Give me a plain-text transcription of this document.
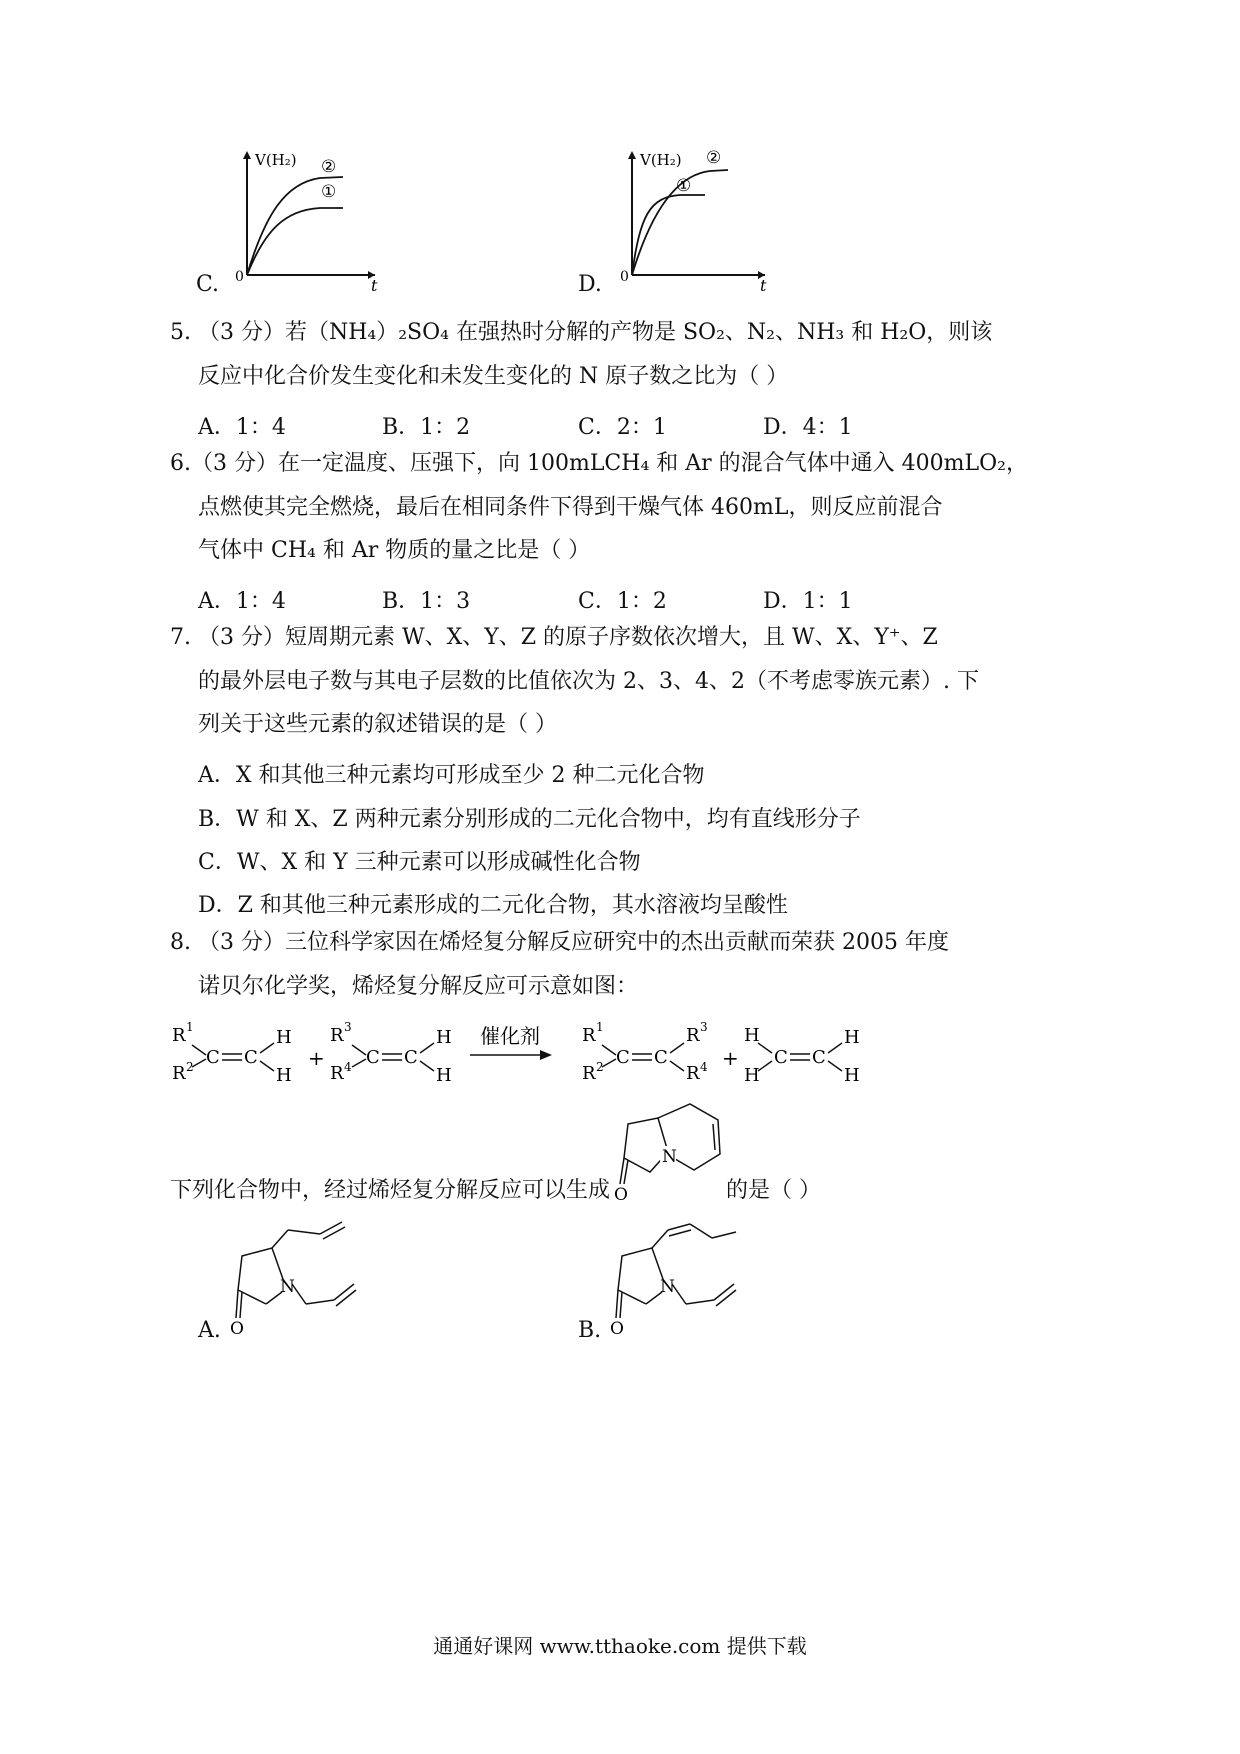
C.
V(H₂) ②
①
0	t	D.
V(H₂) ②
①
0	t
5. （3 分）若（NH₄）₂SO₄ 在强热时分解的产物是 SO₂、N₂、NH₃ 和 H₂O，则该
反应中化合价发生变化和未发生变化的 N 原子数之比为（ ）
A．1：4	B．1：2	C．2：1	D．4：1
6.（3 分）在一定温度、压强下，向 100mLCH₄ 和 Ar 的混合气体中通入 400mLO₂，
点燃使其完全燃烧，最后在相同条件下得到干燥气体 460mL，则反应前混合
气体中 CH₄ 和 Ar 物质的量之比是（ ）
A．1：4	B．1：3	C．1：2	D．1：1
7. （3 分）短周期元素 W、X、Y、Z 的原子序数依次增大，且 W、X、Y⁺、Z
的最外层电子数与其电子层数的比值依次为 2、3、4、2（不考虑零族元素）. 下
列关于这些元素的叙述错误的是（ ）
A．X 和其他三种元素均可形成至少 2 种二元化合物
B．W 和 X、Z 两种元素分别形成的二元化合物中，均有直线形分子
C．W、X 和 Y 三种元素可以形成碱性化合物
D．Z 和其他三种元素形成的二元化合物，其水溶液均呈酸性
8. （3 分）三位科学家因在烯烃复分解反应研究中的杰出贡献而荣获 2005 年度
诺贝尔化学奖，烯烃复分解反应可示意如图：
R 1
R 2 C C
H
H
+
R 3
R 4 C C
H
H
催化剂 R 1
R 2 C C
R 3
R 4 +
H
H
C C
H
H
下列化合物中，经过烯烃复分解反应可以生成
N
O	的是（ ）
A.
N
O	B.
N
O
通通好课网 www.tthaoke.com 提供下载
